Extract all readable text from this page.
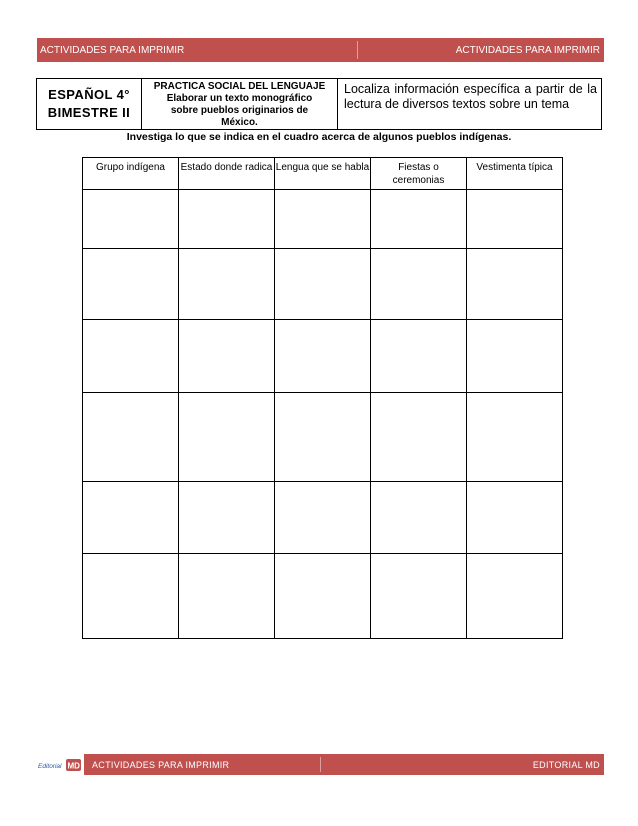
ACTIVIDADES PARA IMPRIMIR	ACTIVIDADES PARA IMPRIMIR
ESPAÑOL 4°
BIMESTRE II
PRACTICA SOCIAL DEL LENGUAJE
Elaborar un texto monográfico
sobre pueblos originarios de
México.
Localiza información específica a partir de la lectura de diversos textos sobre un tema
Investiga lo que se indica en el cuadro acerca de algunos pueblos indígenas.
Grupo indígena	Estado donde radica	Lengua que se habla	Fiestas o ceremonias	Vestimenta típica

Editorial MD ACTIVIDADES PARA IMPRIMIR	EDITORIAL MD
